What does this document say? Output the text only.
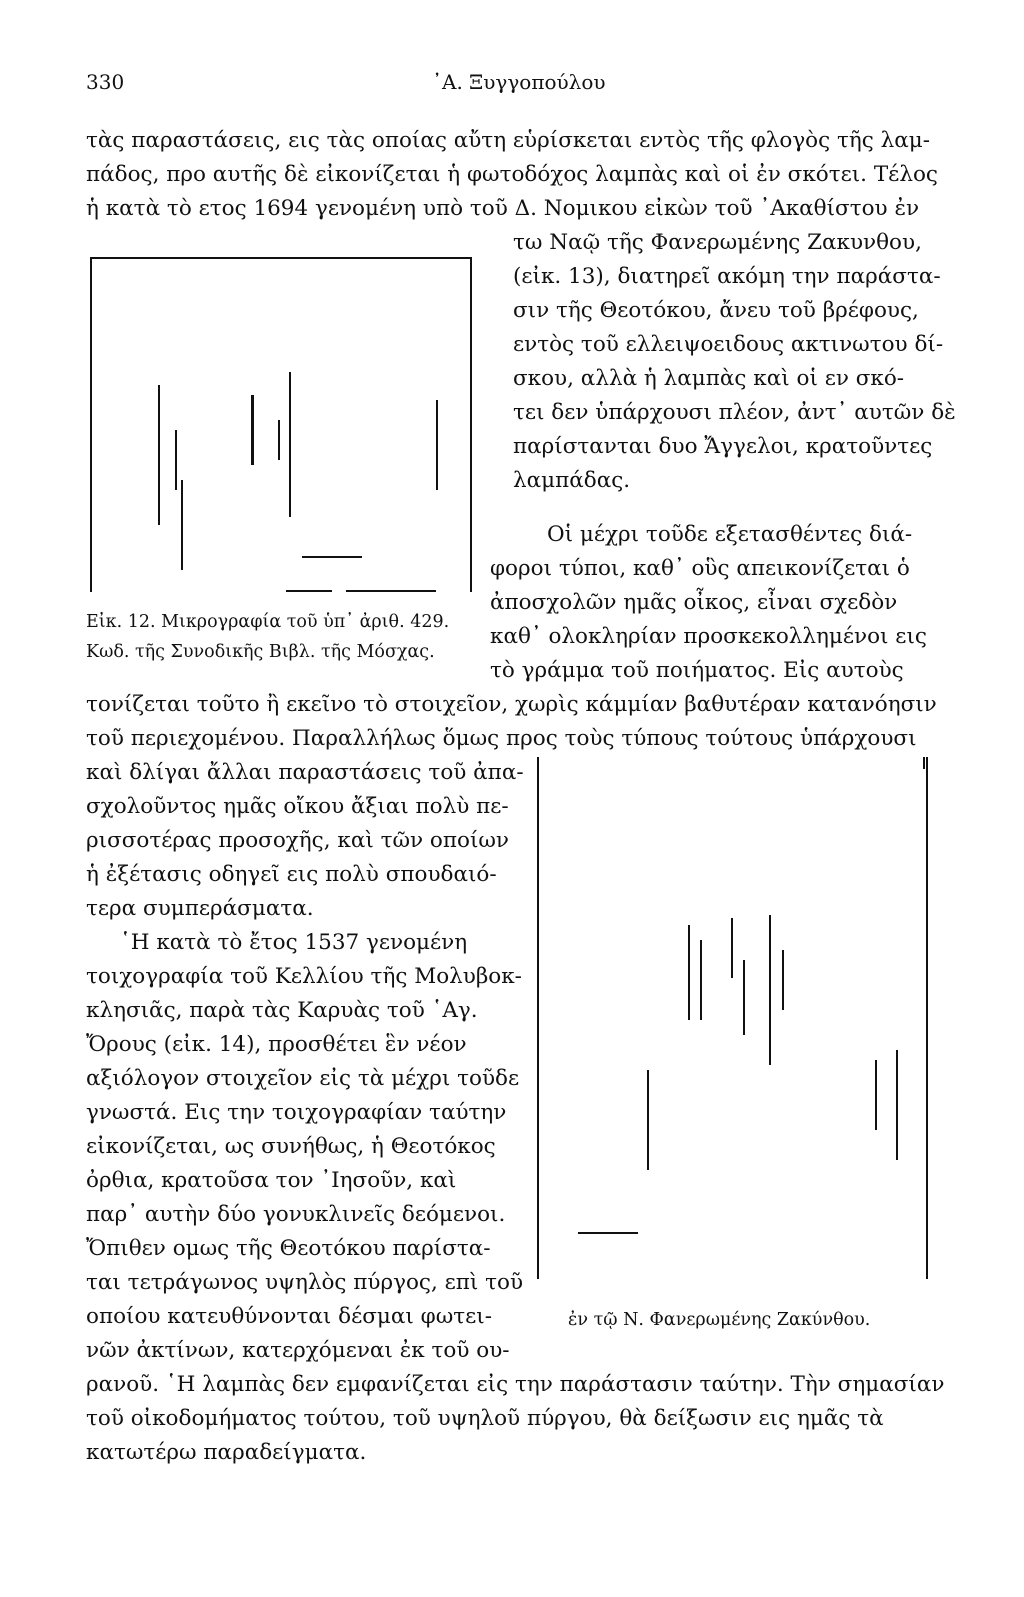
330	᾽Α. Ξυγγοπούλου
τὰς παραστάσεις, εις τὰς οποίας αὔτη εὑρίσκεται εντὸς τῆς φλογὸς τῆς λαμ-
πάδος, προ αυτῆς δὲ εἰκονίζεται ἡ φωτοδόχος λαμπὰς καὶ οἱ ἐν σκότει. Τέλος
ἡ κατὰ τὸ ετος 1694 γενομένη υπὸ τοῦ Δ. Νομικου εἰκὼν τοῦ ᾽Ακαθίστου ἐν
τω Ναῷ τῆς Φανερωμένης Ζακυνθου,
(εἰκ. 13), διατηρεῖ ακόμη την παράστα-
σιν τῆς Θεοτόκου, ἄνευ τοῦ βρέφους,
εντὸς τοῦ ελλειψοειδους ακτινωτου δί-
σκου, αλλὰ ἡ λαμπὰς καὶ οἱ εν σκό-
τει δεν ὑπάρχουσι πλέον, ἀντ᾽ αυτῶν δὲ
παρίστανται δυο Ἄγγελοι, κρατοῦντες
λαμπάδας.
Οἱ μέχρι τοῦδε εξετασθέντες διά-
φοροι τύποι, καθ᾽ οὓς απεικονίζεται ὁ
ἀποσχολῶν ημᾶς οἶκος, εἶναι σχεδὸν
καθ᾽ ολοκληρίαν προσκεκολλημένοι εις
τὸ γράμμα τοῦ ποιήματος. Εἰς αυτοὺς
Εἰκ. 12. Μικρογραφία τοῦ ὑπ᾽ ἀριθ. 429.
Κωδ. τῆς Συνοδικῆς Βιβλ. τῆς Μόσχας.
τονίζεται τοῦτο ἢ εκεῖνο τὸ στοιχεῖον, χωρὶς κάμμίαν βαθυτέραν κατανόησιν
τοῦ περιεχομένου. Παραλλήλως ὅμως προς τοὺς τύπους τούτους ὑπάρχουσι
καὶ δλίγαι ἄλλαι παραστάσεις τοῦ ἀπα-
σχολοῦντος ημᾶς οἴκου ἄξιαι πολὺ πε-
ρισσοτέρας προσοχῆς, καὶ τῶν οποίων
ἡ ἐξέτασις οδηγεῖ εις πολὺ σπουδαιό-
τερα συμπεράσματα.
῾Η κατὰ τὸ ἔτος 1537 γενομένη
τοιχογραφία τοῦ Κελλίου τῆς Μολυβοκ-
κλησιᾶς, παρὰ τὰς Καρυὰς τοῦ ῾Αγ.
Ὄρους (εἰκ. 14), προσθέτει ἓν νέον
αξιόλογον στοιχεῖον εἰς τὰ μέχρι τοῦδε
γνωστά. Εις την τοιχογραφίαν ταύτην
εἰκονίζεται, ως συνήθως, ἡ Θεοτόκος
ὀρθια, κρατοῦσα τον ᾽Ιησοῦν, καὶ
παρ᾽ αυτὴν δύο γονυκλινεῖς δεόμενοι.
Ὄπιθεν ομως τῆς Θεοτόκου παρίστα-
ται τετράγωνος υψηλὸς πύργος, επὶ τοῦ
οποίου κατευθύνονται δέσμαι φωτει-
νῶν ἀκτίνων, κατερχόμεναι ἐκ τοῦ ου-
ἐν τῷ Ν. Φανερωμένης Ζακύνθου.
ρανοῦ. ῾Η λαμπὰς δεν εμφανίζεται εἰς την παράστασιν ταύτην. Τὴν σημασίαν
τοῦ οἰκοδομήματος τούτου, τοῦ υψηλοῦ πύργου, θὰ δείξωσιν εις ημᾶς τὰ
κατωτέρω παραδείγματα.
